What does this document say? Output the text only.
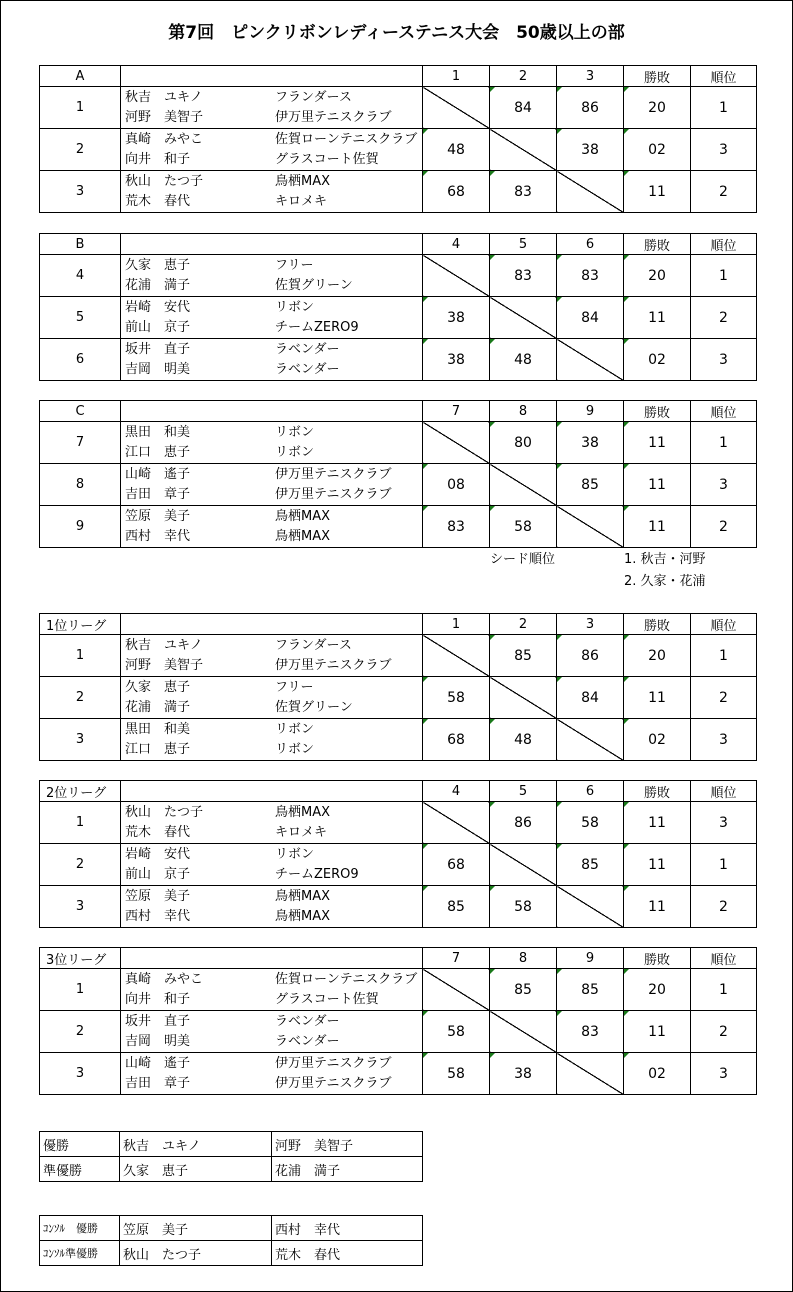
第7回　ピンクリボンレディーステニス大会　50歳以上の部
A		1	2	3	勝敗	順位
1	秋吉　ユキノ フランダース
河野　美智子 伊万里テニスクラブ		84	86	20	1
2	真崎　みやこ 佐賀ローンテニスクラブ
向井　和子 グラスコート佐賀	48		38	02	3
3	秋山　たつ子 鳥栖MAX
荒木　春代 キロメキ	68	83		11	2
B		4	5	6	勝敗	順位
4	久家　恵子 フリー
花浦　満子 佐賀グリーン		83	83	20	1
5	岩崎　安代 リボン
前山　京子 チームZERO9	38		84	11	2
6	坂井　直子 ラベンダー
吉岡　明美 ラベンダー	38	48		02	3
C		7	8	9	勝敗	順位
7	黒田　和美 リボン
江口　恵子 リボン		80	38	11	1
8	山崎　遙子 伊万里テニスクラブ
吉田　章子 伊万里テニスクラブ	08		85	11	3
9	笠原　美子 鳥栖MAX
西村　幸代 鳥栖MAX	83	58		11	2
1位リーグ		1	2	3	勝敗	順位
1	秋吉　ユキノ フランダース
河野　美智子 伊万里テニスクラブ		85	86	20	1
2	久家　恵子 フリー
花浦　満子 佐賀グリーン	58		84	11	2
3	黒田　和美 リボン
江口　恵子 リボン	68	48		02	3
2位リーグ		4	5	6	勝敗	順位
1	秋山　たつ子 鳥栖MAX
荒木　春代 キロメキ		86	58	11	3
2	岩崎　安代 リボン
前山　京子 チームZERO9	68		85	11	1
3	笠原　美子 鳥栖MAX
西村　幸代 鳥栖MAX	85	58		11	2
3位リーグ		7	8	9	勝敗	順位
1	真崎　みやこ 佐賀ローンテニスクラブ
向井　和子 グラスコート佐賀		85	85	20	1
2	坂井　直子 ラベンダー
吉岡　明美 ラベンダー	58		83	11	2
3	山崎　遙子 伊万里テニスクラブ
吉田　章子 伊万里テニスクラブ	58	38		02	3
シード順位	1. 秋吉・河野
2. 久家・花浦
優勝	秋吉　ユキノ	河野　美智子
準優勝	久家　恵子	花浦　満子
ｺﾝｿﾙ　優勝	笠原　美子	西村　幸代
ｺﾝｿﾙ準優勝	秋山　たつ子	荒木　春代
